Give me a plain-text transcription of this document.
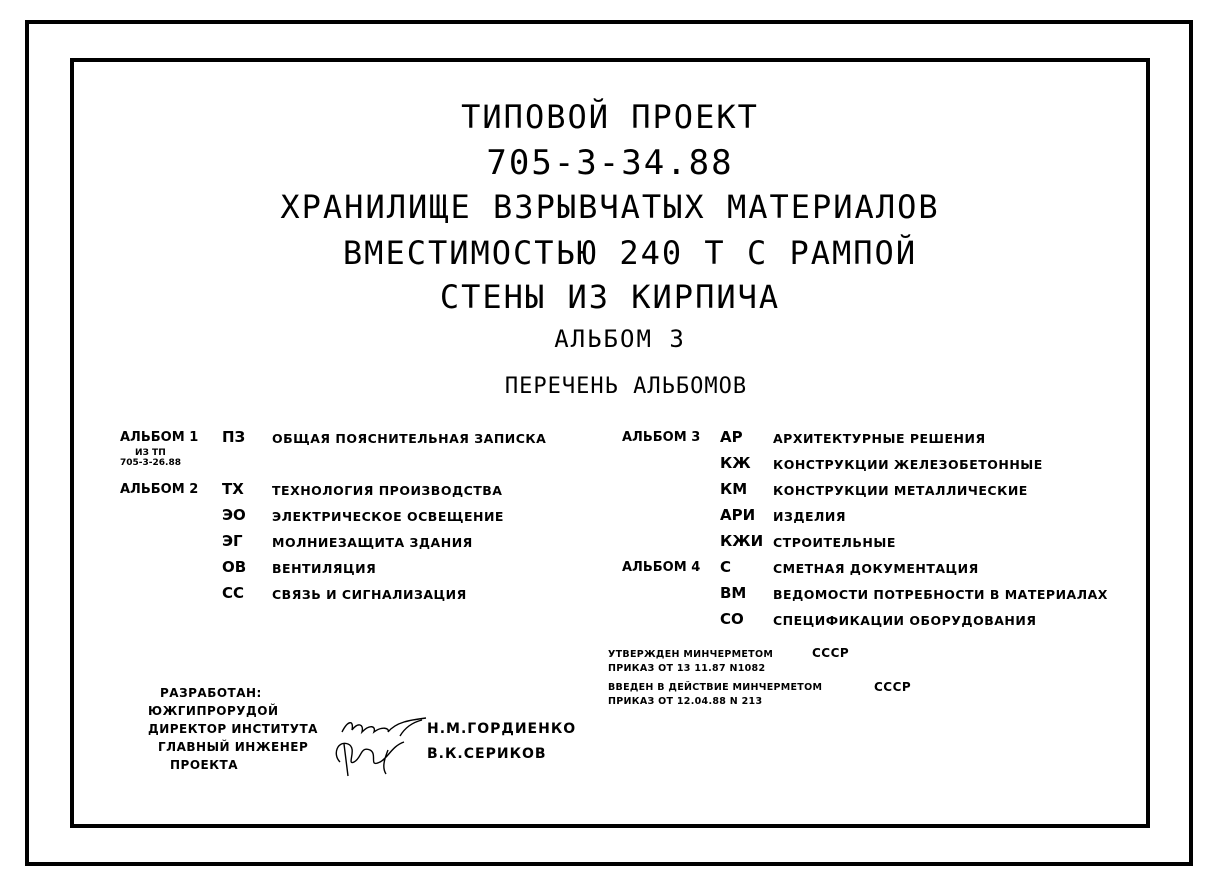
ТИПОВОЙ ПРОЕКТ
705-3-34.88
ХРАНИЛИЩЕ ВЗРЫВЧАТЫХ МАТЕРИАЛОВ
ВМЕСТИМОСТЬЮ 240 Т С РАМПОЙ
СТЕНЫ ИЗ КИРПИЧА
АЛЬБОМ 3
ПЕРЕЧЕНЬ АЛЬБОМОВ
АЛЬБОМ 1 ПЗ ОБЩАЯ ПОЯСНИТЕЛЬНАЯ ЗАПИСКА
ИЗ ТП
705-3-26.88
АЛЬБОМ 2 ТХ ТЕХНОЛОГИЯ ПРОИЗВОДСТВА
ЭО ЭЛЕКТРИЧЕСКОЕ ОСВЕЩЕНИЕ
ЭГ МОЛНИЕЗАЩИТА ЗДАНИЯ
ОВ ВЕНТИЛЯЦИЯ
СС СВЯЗЬ И СИГНАЛИЗАЦИЯ
АЛЬБОМ 3 АР АРХИТЕКТУРНЫЕ РЕШЕНИЯ
КЖ КОНСТРУКЦИИ ЖЕЛЕЗОБЕТОННЫЕ
КМ КОНСТРУКЦИИ МЕТАЛЛИЧЕСКИЕ
АРИ ИЗДЕЛИЯ
КЖИ СТРОИТЕЛЬНЫЕ
АЛЬБОМ 4 С	СМЕТНАЯ ДОКУМЕНТАЦИЯ
ВМ ВЕДОМОСТИ ПОТРЕБНОСТИ В МАТЕРИАЛАХ
СО СПЕЦИФИКАЦИИ ОБОРУДОВАНИЯ
УТВЕРЖДЕН МИНЧЕРМЕТОМ	СССР
ПРИКАЗ ОТ 13 11.87 N1082
ВВЕДЕН В ДЕЙСТВИЕ МИНЧЕРМЕТОМ	СССР
ПРИКАЗ ОТ 12.04.88 N 213
РАЗРАБОТАН:
ЮЖГИПРОРУДОЙ
ДИРЕКТОР ИНСТИТУТА	Н.М.ГОРДИЕНКО
ГЛАВНЫЙ ИНЖЕНЕР
ПРОЕКТА
В.К.СЕРИКОВ
